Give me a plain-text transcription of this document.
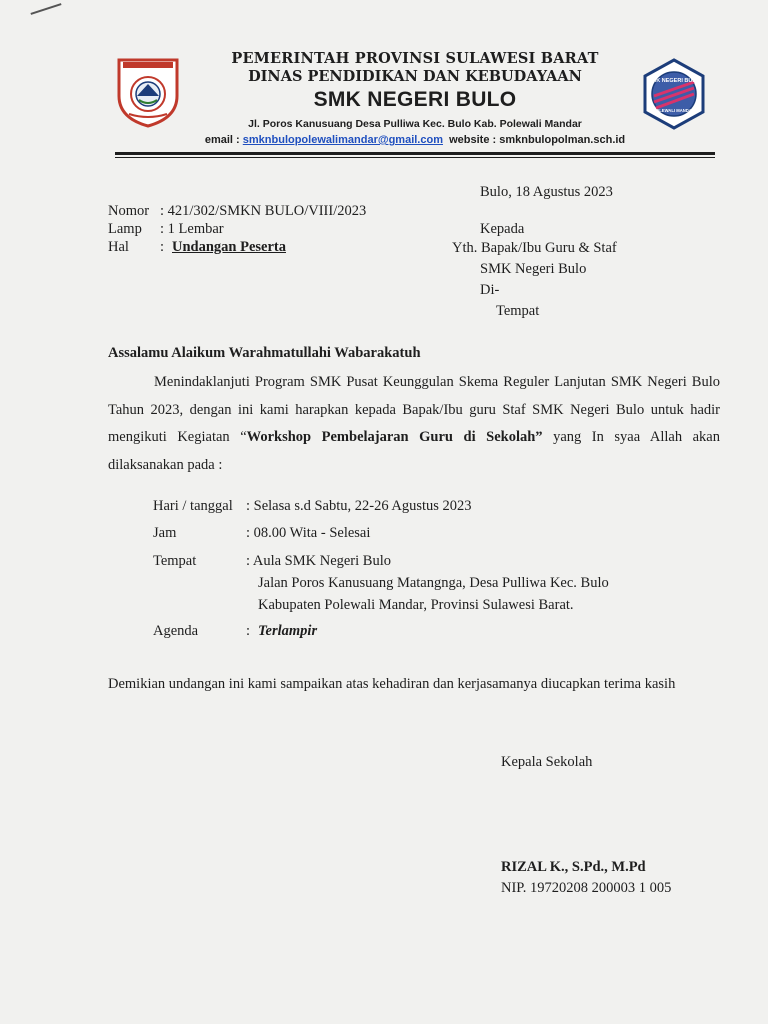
PEMERINTAH PROVINSI SULAWESI BARAT
DINAS PENDIDIKAN DAN KEBUDAYAAN
SMK NEGERI BULO
Jl. Poros Kanusuang Desa Pulliwa Kec. Bulo Kab. Polewali Mandar
SMK NEGERI BULO
POLEWALI MANDAR
email : smknbulopolewalimandar@gmail.com website : smknbulopolman.sch.id
Bulo, 18 Agustus 2023
Nomor : 421/302/SMKN BULO/VIII/2023
Lamp : 1 Lembar
Hal : Undangan Peserta
Kepada
Yth. Bapak/Ibu Guru & Staf
SMK Negeri Bulo
Di-
Tempat
Assalamu Alaikum Warahmatullahi Wabarakatuh
Menindaklanjuti Program SMK Pusat Keunggulan Skema Reguler Lanjutan SMK Negeri Bulo Tahun 2023, dengan ini kami harapkan kepada Bapak/Ibu guru Staf SMK Negeri Bulo untuk hadir mengikuti Kegiatan “Workshop Pembelajaran Guru di Sekolah” yang In syaa Allah akan dilaksanakan pada :
Hari / tanggal : Selasa s.d Sabtu, 22-26 Agustus 2023
Jam	: 08.00 Wita - Selesai
Tempat	: Aula SMK Negeri Bulo
Jalan Poros Kanusuang Matangnga, Desa Pulliwa Kec. Bulo
Kabupaten Polewali Mandar, Provinsi Sulawesi Barat.
Agenda	: Terlampir
Demikian undangan ini kami sampaikan atas kehadiran dan kerjasamanya diucapkan terima kasih
Kepala Sekolah
RIZAL K., S.Pd., M.Pd
NIP. 19720208 200003 1 005
